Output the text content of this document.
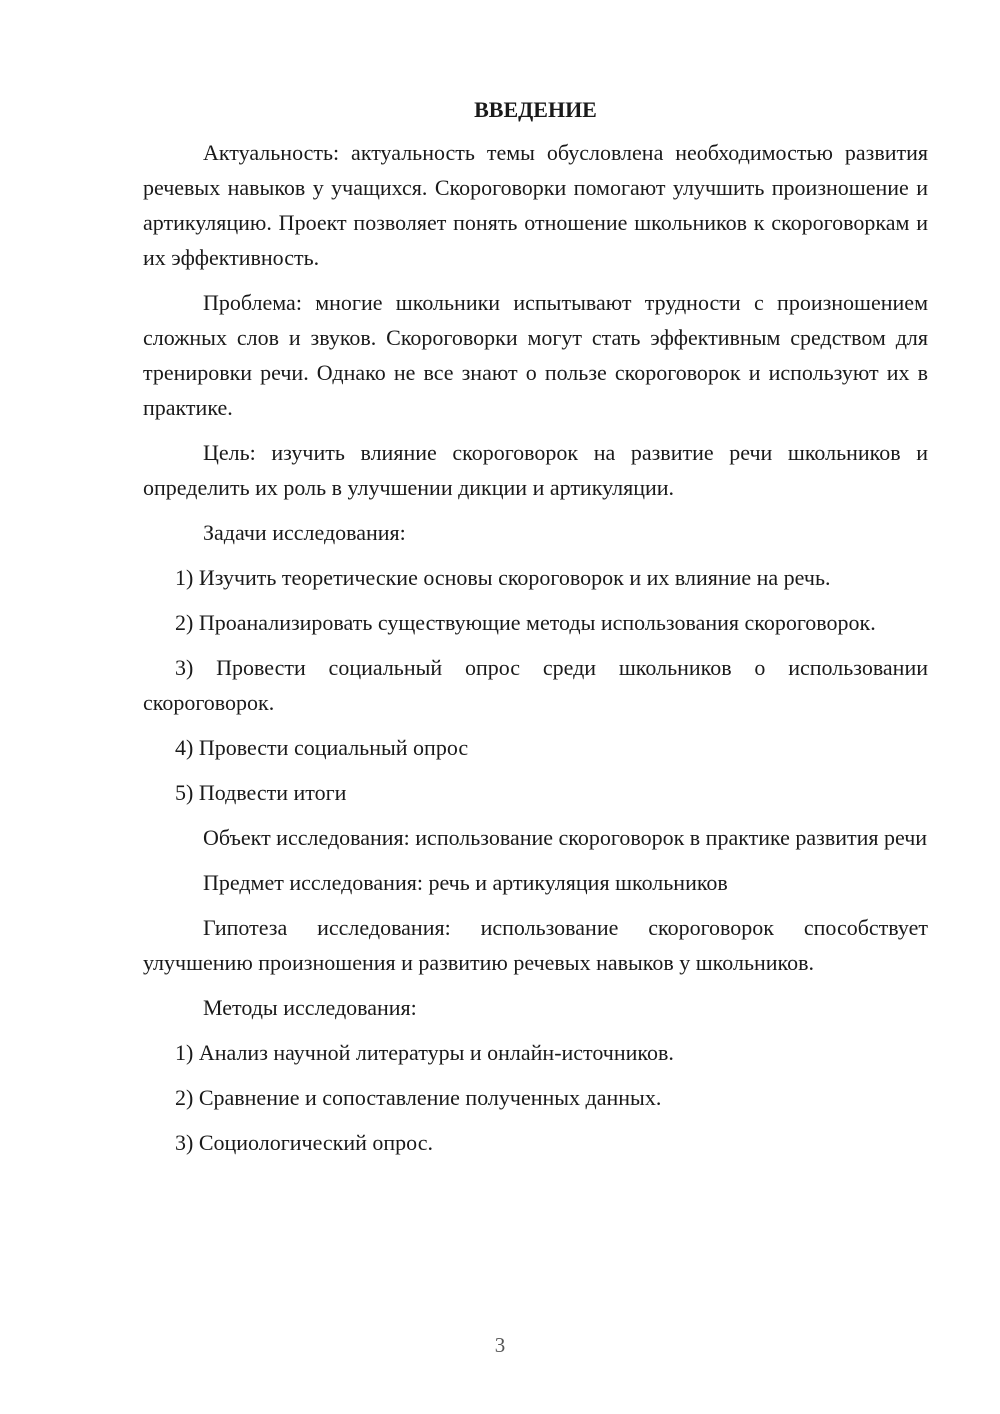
ВВЕДЕНИЕ

Актуальность: актуальность темы обусловлена необходимостью развития речевых навыков у учащихся. Скороговорки помогают улучшить произношение и артикуляцию. Проект позволяет понять отношение школьников к скороговоркам и их эффективность.

Проблема: многие школьники испытывают трудности с произношением сложных слов и звуков. Скороговорки могут стать эффективным средством для тренировки речи. Однако не все знают о пользе скороговорок и используют их в практике.

Цель: изучить влияние скороговорок на развитие речи школьников и определить их роль в улучшении дикции и артикуляции.

Задачи исследования:

1) Изучить теоретические основы скороговорок и их влияние на речь.

2) Проанализировать существующие методы использования скороговорок.

3) Провести социальный опрос среди школьников о использовании скороговорок.

4) Провести социальный опрос

5) Подвести итоги

Объект исследования: использование скороговорок в практике развития речи

Предмет исследования: речь и артикуляция школьников

Гипотеза исследования: использование скороговорок способствует улучшению произношения и развитию речевых навыков у школьников.

Методы исследования:

1) Анализ научной литературы и онлайн-источников.

2) Сравнение и сопоставление полученных данных.

3) Социологический опрос.

3
